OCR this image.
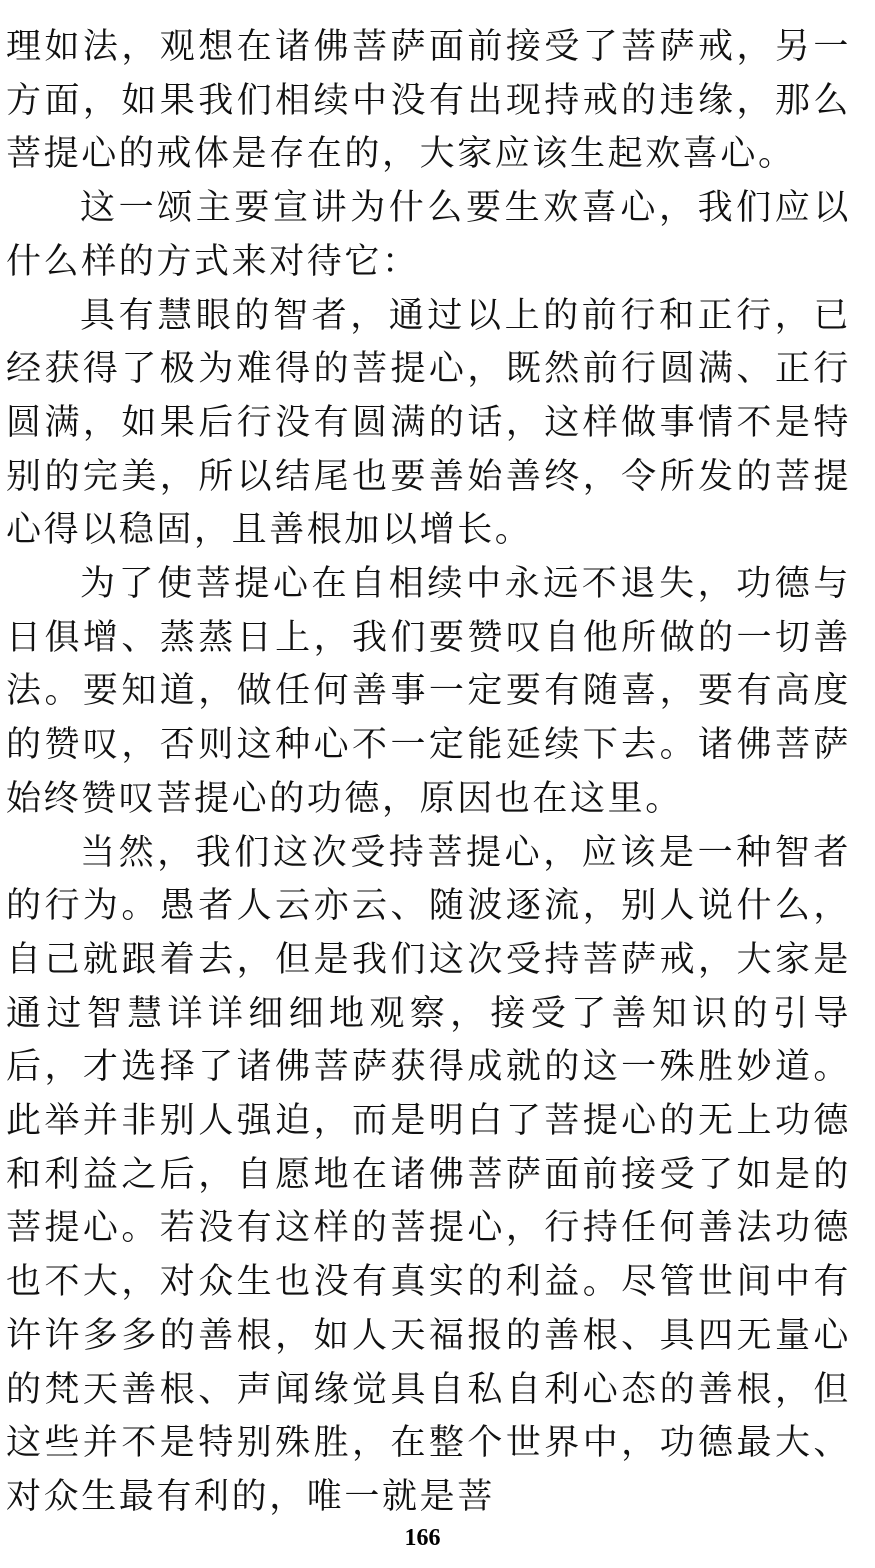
理如法，观想在诸佛菩萨面前接受了菩萨戒，另一方面，如果我们相续中没有出现持戒的违缘，那么菩提心的戒体是存在的，大家应该生起欢喜心。

这一颂主要宣讲为什么要生欢喜心，我们应以什么样的方式来对待它：

具有慧眼的智者，通过以上的前行和正行，已经获得了极为难得的菩提心，既然前行圆满、正行圆满，如果后行没有圆满的话，这样做事情不是特别的完美，所以结尾也要善始善终，令所发的菩提心得以稳固，且善根加以增长。

为了使菩提心在自相续中永远不退失，功德与日俱增、蒸蒸日上，我们要赞叹自他所做的一切善法。要知道，做任何善事一定要有随喜，要有高度的赞叹，否则这种心不一定能延续下去。诸佛菩萨始终赞叹菩提心的功德，原因也在这里。

当然，我们这次受持菩提心，应该是一种智者的行为。愚者人云亦云、随波逐流，别人说什么，自己就跟着去，但是我们这次受持菩萨戒，大家是通过智慧详详细细地观察，接受了善知识的引导后，才选择了诸佛菩萨获得成就的这一殊胜妙道。此举并非别人强迫，而是明白了菩提心的无上功德和利益之后，自愿地在诸佛菩萨面前接受了如是的菩提心。若没有这样的菩提心，行持任何善法功德也不大，对众生也没有真实的利益。尽管世间中有许许多多的善根，如人天福报的善根、具四无量心的梵天善根、声闻缘觉具自私自利心态的善根，但这些并不是特别殊胜，在整个世界中，功德最大、对众生最有利的，唯一就是菩

166
